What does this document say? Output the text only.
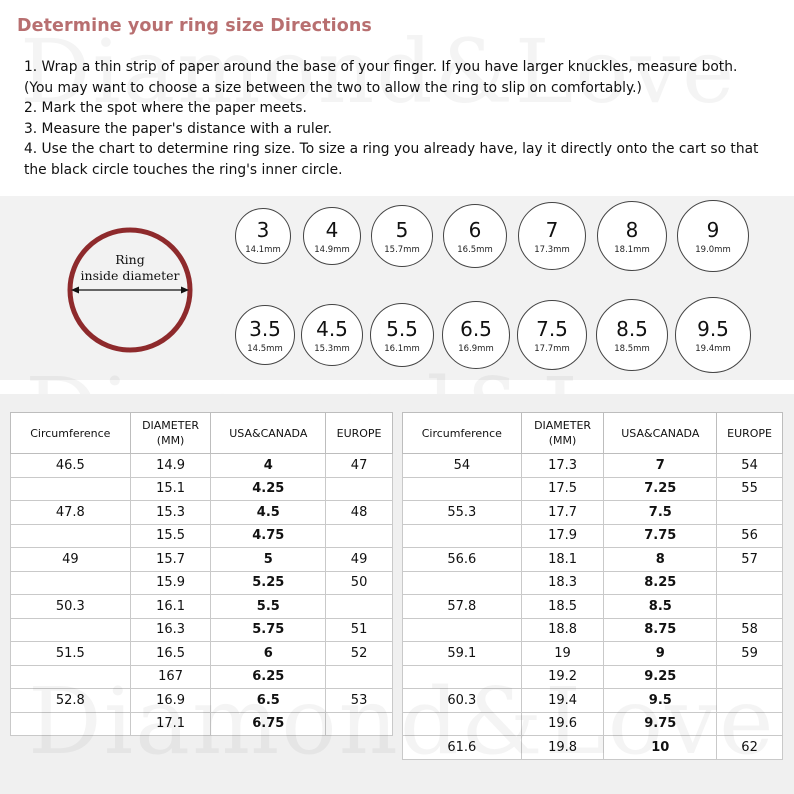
Determine your ring size Directions
1. Wrap a thin strip of paper around the base of your finger. If you have larger knuckles, measure both.
(You may want to choose a size between the two to allow the ring to slip on comfortably.)
2. Mark the spot where the paper meets.
3. Measure the paper's distance with a ruler.
4. Use the chart to determine ring size. To size a ring you already have, lay it directly onto the cart so that
the black circle touches the ring's inner circle.
Ring
inside diameter
3
14.1mm
4
14.9mm
5
15.7mm
6
16.5mm
7
17.3mm
8
18.1mm
9
19.0mm
3.5
14.5mm
4.5
15.3mm
5.5
16.1mm
6.5
16.9mm
7.5
17.7mm
8.5
18.5mm
9.5
19.4mm
Circumference	DIAMETER
(MM)	USA&CANADA	EUROPE
46.5	14.9	4	47
	15.1	4.25	
47.8	15.3	4.5	48
	15.5	4.75	
49	15.7	5	49
	15.9	5.25	50
50.3	16.1	5.5	
	16.3	5.75	51
51.5	16.5	6	52
	167	6.25	
52.8	16.9	6.5	53
	17.1	6.75	
Circumference	DIAMETER
(MM)	USA&CANADA	EUROPE
54	17.3	7	54
	17.5	7.25	55
55.3	17.7	7.5	
	17.9	7.75	56
56.6	18.1	8	57
	18.3	8.25	
57.8	18.5	8.5	
	18.8	8.75	58
59.1	19	9	59
	19.2	9.25	
60.3	19.4	9.5	
	19.6	9.75	
61.6	19.8	10	62
